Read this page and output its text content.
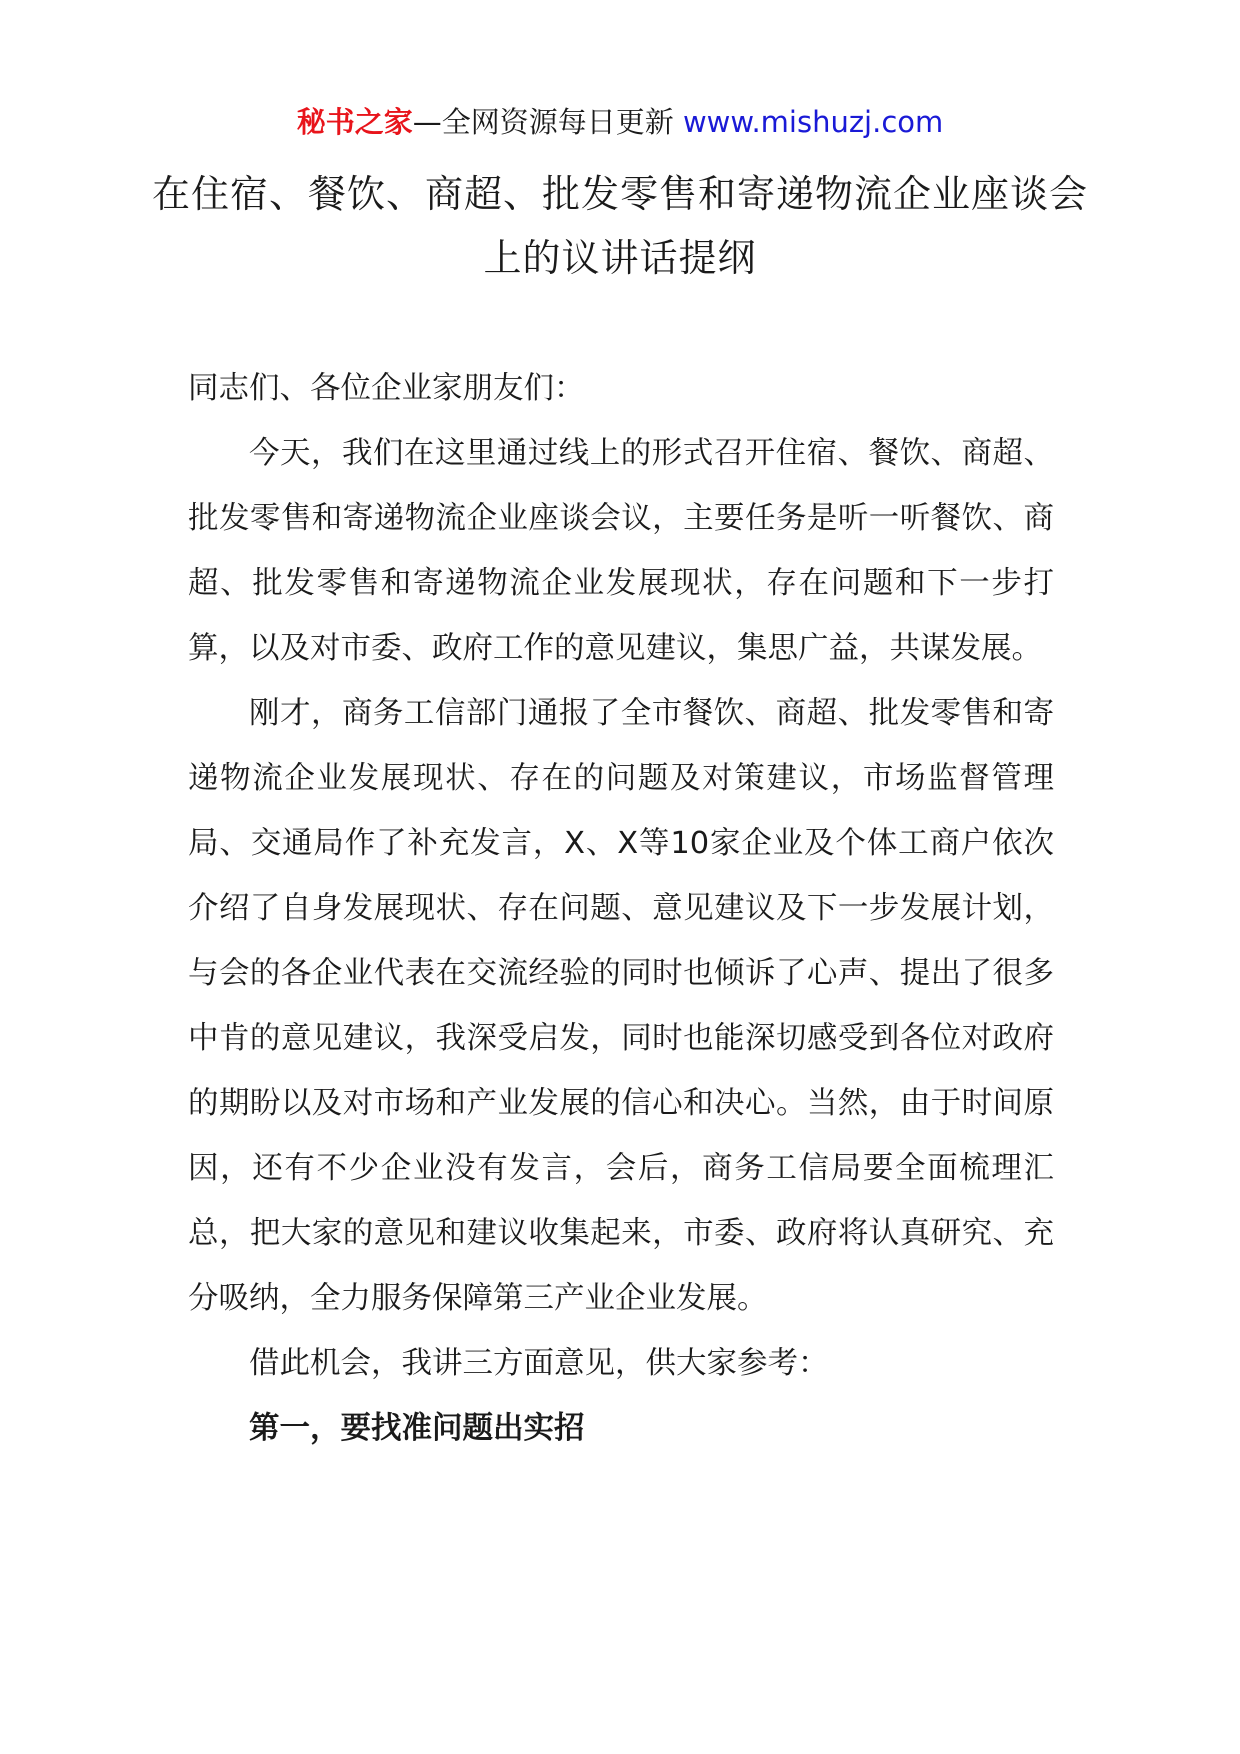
秘书之家—全网资源每日更新 www.mishuzj.com
在住宿、餐饮、商超、批发零售和寄递物流企业座谈会上的议讲话提纲

同志们、各位企业家朋友们：

今天，我们在这里通过线上的形式召开住宿、餐饮、商超、批发零售和寄递物流企业座谈会议，主要任务是听一听餐饮、商超、批发零售和寄递物流企业发展现状，存在问题和下一步打算，以及对市委、政府工作的意见建议，集思广益，共谋发展。

刚才，商务工信部门通报了全市餐饮、商超、批发零售和寄递物流企业发展现状、存在的问题及对策建议，市场监督管理局、交通局作了补充发言，X、X等10家企业及个体工商户依次介绍了自身发展现状、存在问题、意见建议及下一步发展计划，与会的各企业代表在交流经验的同时也倾诉了心声、提出了很多中肯的意见建议，我深受启发，同时也能深切感受到各位对政府的期盼以及对市场和产业发展的信心和决心。当然，由于时间原因，还有不少企业没有发言，会后，商务工信局要全面梳理汇总，把大家的意见和建议收集起来，市委、政府将认真研究、充分吸纳，全力服务保障第三产业企业发展。

借此机会，我讲三方面意见，供大家参考：

第一，要找准问题出实招
